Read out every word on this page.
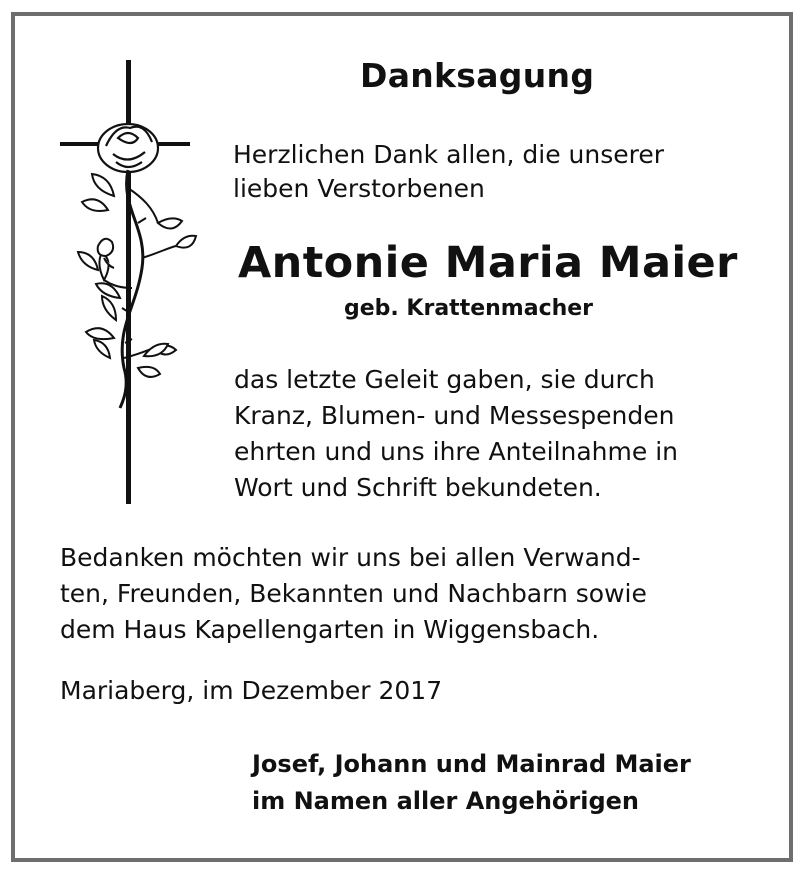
Danksagung
Herzlichen Dank allen, die unserer
lieben Verstorbenen
Antonie Maria Maier
geb. Krattenmacher
das letzte Geleit gaben, sie durch
Kranz, Blumen- und Messespenden
ehrten und uns ihre Anteilnahme in
Wort und Schrift bekundeten.
Bedanken möchten wir uns bei allen Verwand-
ten, Freunden, Bekannten und Nachbarn sowie
dem Haus Kapellengarten in Wiggensbach.
Mariaberg, im Dezember 2017
Josef, Johann und Mainrad Maier
im Namen aller Angehörigen
